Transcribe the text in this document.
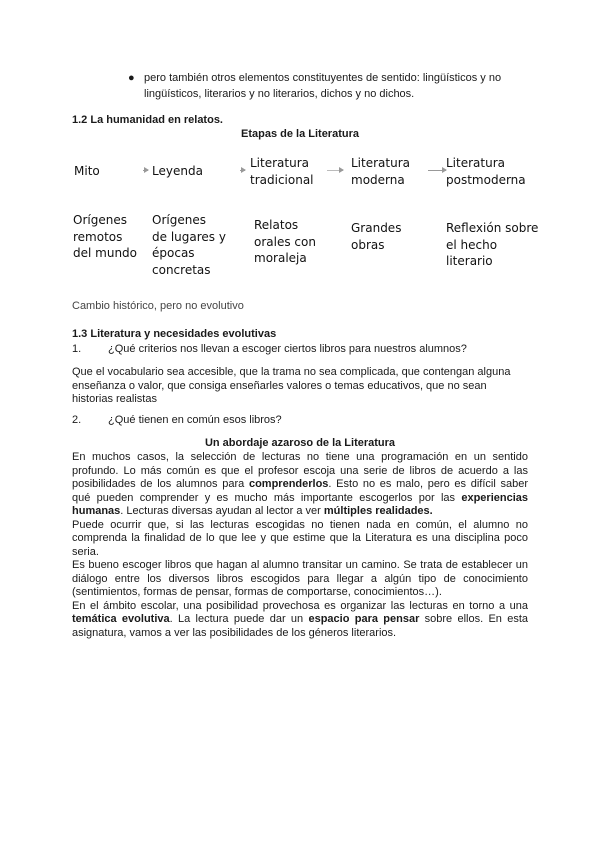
● pero también otros elementos constituyentes de sentido: lingüísticos y no
lingüísticos, literarios y no literarios, dichos y no dichos.
1.2 La humanidad en relatos.
Etapas de la Literatura
Mito	Leyenda
Literatura
tradicional
Literatura
moderna
Literatura
postmoderna
Orígenes
remotos
del mundo
Orígenes
de lugares y
épocas
concretas
Relatos
orales con
moraleja
Grandes
obras
Reflexión sobre
el hecho
literario
Cambio histórico, pero no evolutivo
1.3 Literatura y necesidades evolutivas
1. ¿Qué criterios nos llevan a escoger ciertos libros para nuestros alumnos?
Que el vocabulario sea accesible, que la trama no sea complicada, que contengan alguna
enseñanza o valor, que consiga enseñarles valores o temas educativos, que no sean
historias realistas
2. ¿Qué tienen en común esos libros?
Un abordaje azaroso de la Literatura
En muchos casos, la selección de lecturas no tiene una programación en un sentido profundo. Lo más común es que el profesor escoja una serie de libros de acuerdo a las posibilidades de los alumnos para comprenderlos. Esto no es malo, pero es difícil saber qué pueden comprender y es mucho más importante escogerlos por las experiencias humanas. Lecturas diversas ayudan al lector a ver múltiples realidades.
Puede ocurrir que, si las lecturas escogidas no tienen nada en común, el alumno no comprenda la finalidad de lo que lee y que estime que la Literatura es una disciplina poco seria.
Es bueno escoger libros que hagan al alumno transitar un camino. Se trata de establecer un diálogo entre los diversos libros escogidos para llegar a algún tipo de conocimiento (sentimientos, formas de pensar, formas de comportarse, conocimientos…).
En el ámbito escolar, una posibilidad provechosa es organizar las lecturas en torno a una temática evolutiva. La lectura puede dar un espacio para pensar sobre ellos. En esta asignatura, vamos a ver las posibilidades de los géneros literarios.
